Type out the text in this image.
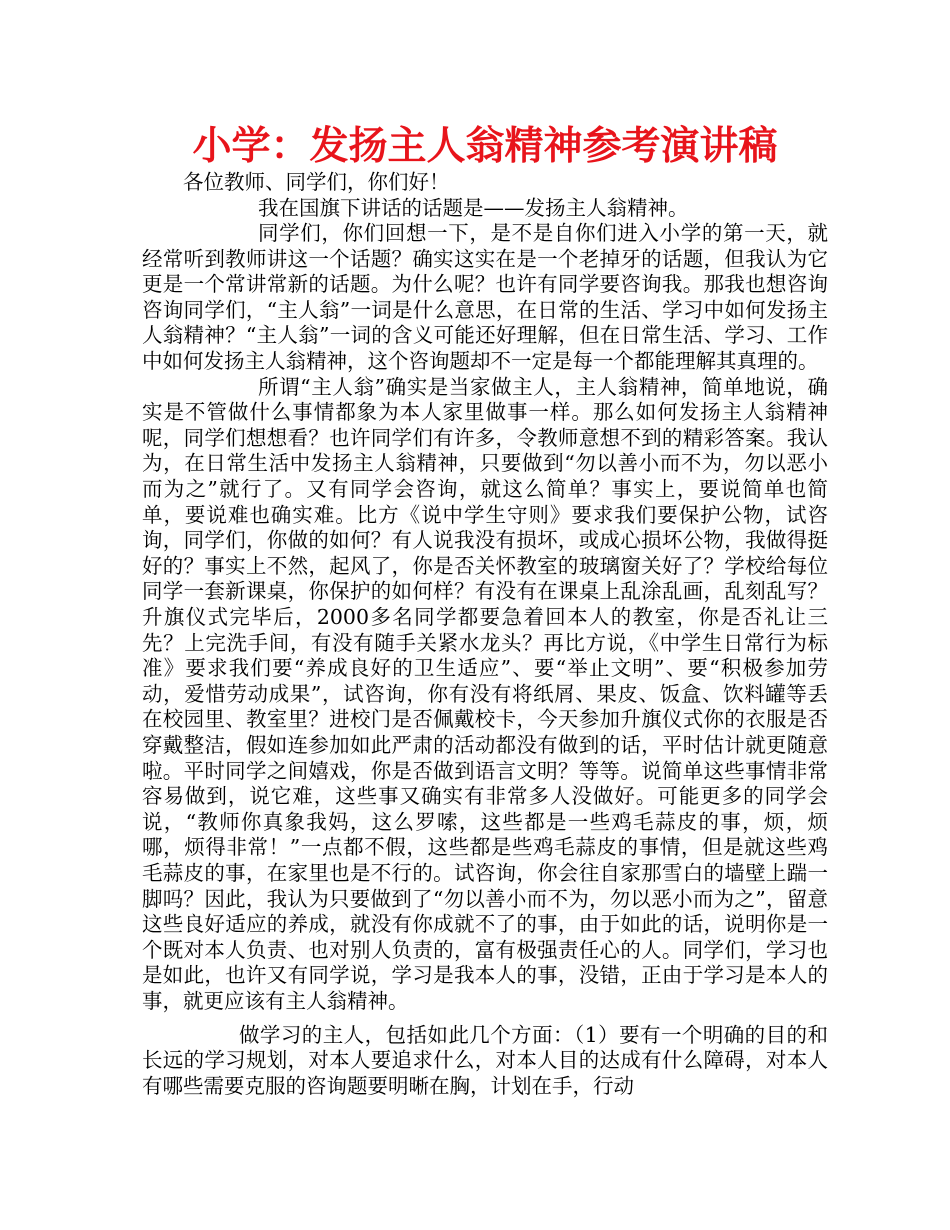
小学：发扬主人翁精神参考演讲稿

各位教师、同学们，你们好！

我在国旗下讲话的话题是——发扬主人翁精神。

同学们，你们回想一下，是不是自你们进入小学的第一天，就经常听到教师讲这一个话题？确实这实在是一个老掉牙的话题，但我认为它更是一个常讲常新的话题。为什么呢？也许有同学要咨询我。那我也想咨询咨询同学们，“主人翁”一词是什么意思，在日常的生活、学习中如何发扬主人翁精神？“主人翁”一词的含义可能还好理解，但在日常生活、学习、工作中如何发扬主人翁精神，这个咨询题却不一定是每一个都能理解其真理的。

所谓“主人翁”确实是当家做主人，主人翁精神，简单地说，确实是不管做什么事情都象为本人家里做事一样。那么如何发扬主人翁精神呢，同学们想想看？也许同学们有许多，令教师意想不到的精彩答案。我认为，在日常生活中发扬主人翁精神，只要做到“勿以善小而不为，勿以恶小而为之”就行了。又有同学会咨询，就这么简单？事实上，要说简单也简单，要说难也确实难。比方《说中学生守则》要求我们要保护公物，试咨询，同学们，你做的如何？有人说我没有损坏，或成心损坏公物，我做得挺好的？事实上不然，起风了，你是否关怀教室的玻璃窗关好了？学校给每位同学一套新课桌，你保护的如何样？有没有在课桌上乱涂乱画，乱刻乱写？升旗仪式完毕后，2000多名同学都要急着回本人的教室，你是否礼让三先？上完洗手间，有没有随手关紧水龙头？再比方说，《中学生日常行为标准》要求我们要“养成良好的卫生适应”、要“举止文明”、要“积极参加劳动，爱惜劳动成果”，试咨询，你有没有将纸屑、果皮、饭盒、饮料罐等丢在校园里、教室里？进校门是否佩戴校卡，今天参加升旗仪式你的衣服是否穿戴整洁，假如连参加如此严肃的活动都没有做到的话，平时估计就更随意啦。平时同学之间嬉戏，你是否做到语言文明？等等。说简单这些事情非常容易做到，说它难，这些事又确实有非常多人没做好。可能更多的同学会说，“教师你真象我妈，这么罗嗦，这些都是一些鸡毛蒜皮的事，烦，烦哪，烦得非常！”一点都不假，这些都是些鸡毛蒜皮的事情，但是就这些鸡毛蒜皮的事，在家里也是不行的。试咨询，你会往自家那雪白的墙壁上踹一脚吗？因此，我认为只要做到了“勿以善小而不为，勿以恶小而为之”，留意这些良好适应的养成，就没有你成就不了的事，由于如此的话，说明你是一个既对本人负责、也对别人负责的，富有极强责任心的人。同学们，学习也是如此，也许又有同学说，学习是我本人的事，没错，正由于学习是本人的事，就更应该有主人翁精神。

做学习的主人，包括如此几个方面：（1）要有一个明确的目的和长远的学习规划，对本人要追求什么，对本人目的达成有什么障碍，对本人有哪些需要克服的咨询题要明晰在胸，计划在手，行动
